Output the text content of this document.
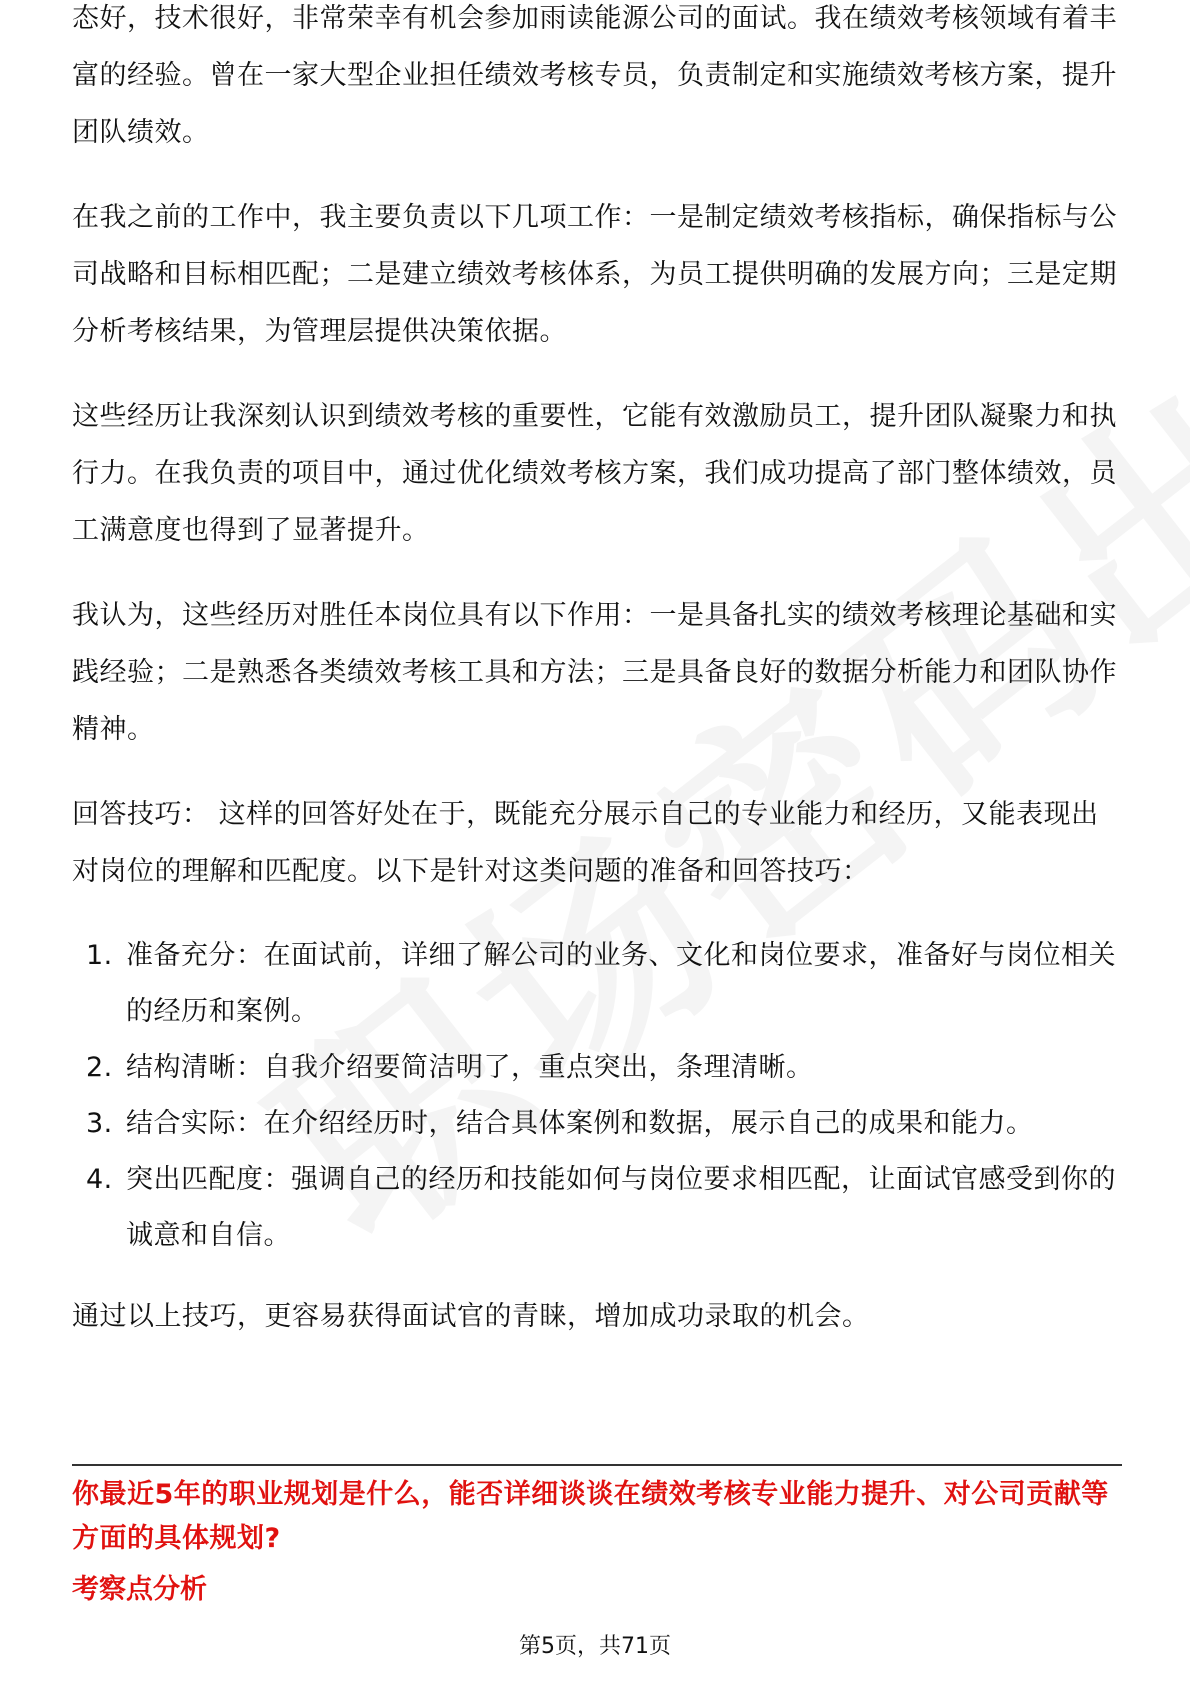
态好，技术很好，非常荣幸有机会参加雨读能源公司的面试。我在绩效考核领域有着丰富的经验。曾在一家大型企业担任绩效考核专员，负责制定和实施绩效考核方案，提升团队绩效。

在我之前的工作中，我主要负责以下几项工作：一是制定绩效考核指标，确保指标与公司战略和目标相匹配；二是建立绩效考核体系，为员工提供明确的发展方向；三是定期分析考核结果，为管理层提供决策依据。

这些经历让我深刻认识到绩效考核的重要性，它能有效激励员工，提升团队凝聚力和执行力。在我负责的项目中，通过优化绩效考核方案，我们成功提高了部门整体绩效，员工满意度也得到了显著提升。

我认为，这些经历对胜任本岗位具有以下作用：一是具备扎实的绩效考核理论基础和实践经验；二是熟悉各类绩效考核工具和方法；三是具备良好的数据分析能力和团队协作精神。

回答技巧： 这样的回答好处在于，既能充分展示自己的专业能力和经历，又能表现出对岗位的理解和匹配度。以下是针对这类问题的准备和回答技巧：

1. 准备充分：在面试前，详细了解公司的业务、文化和岗位要求，准备好与岗位相关的经历和案例。
2. 结构清晰：自我介绍要简洁明了，重点突出，条理清晰。
3. 结合实际：在介绍经历时，结合具体案例和数据，展示自己的成果和能力。
4. 突出匹配度：强调自己的经历和技能如何与岗位要求相匹配，让面试官感受到你的诚意和自信。

通过以上技巧，更容易获得面试官的青睐，增加成功录取的机会。

你最近5年的职业规划是什么，能否详细谈谈在绩效考核专业能力提升、对公司贡献等方面的具体规划?
考察点分析
第5页，共71页
